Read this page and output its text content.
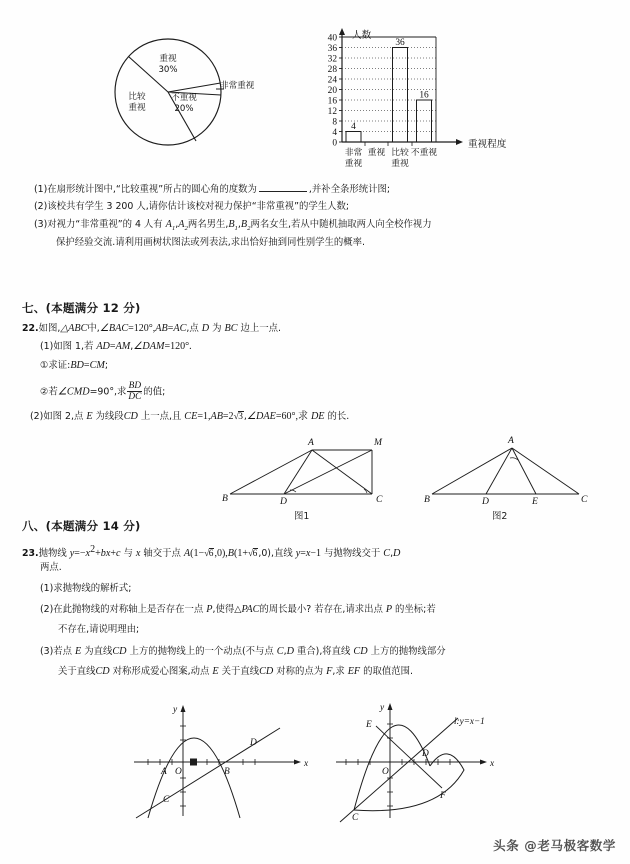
重视
30%
非常重视
不重视
20%
比较
重视
0
4
8
12
16
20
24
28
32
36
40
4
36
16
人数
重视程度
非常
重视
重视 比较
重视
不重视
(1)在扇形统计图中,“比较重视”所占的圆心角的度数为	,并补全条形统计图;
(2)该校共有学生 3 200 人,请你估计该校对视力保护“非常重视”的学生人数;
(3)对视力“非常重视”的 4 人有 $A_1,A_2$两名男生$,B_1,B_2$两名女生,若从中随机抽取两人向全校作视力
保护经验交流.请利用画树状图法或列表法,求出恰好抽到同性别学生的概率.
七、(本题满分 12 分)
22.如图,△ABC中,∠BAC=120°,AB=AC,点 D 为 BC 边上一点.
(1)如图 1,若 AD=AM,∠DAM=120°.
①求证:BD=CM;
②若∠CMD=90°,求 $\frac{BD}{DC}$ 的值;
(2)如图 2,点 E 为线段CD 上一点,且 CE=1,AB=2√3,∠DAE=60°,求 DE 的长.
A	M
B	D	C
图1
A
B	D	E	C
图2
八、(本题满分 14 分)
23.抛物线 $y=-x^2+bx+c$ 与 x 轴交于点 A(1−√6,0),B(1+√6,0),直线 y=x−1 与抛物线交于 C,D
两点.
(1)求抛物线的解析式;
(2)在此抛物线的对称轴上是否存在一点 P,使得△PAC的周长最小? 若存在,请求出点 P 的坐标;若
不存在,请说明理由;
(3)若点 E 为直线CD 上方的抛物线上的一个动点(不与点 C,D 重合),将直线 CD 上方的抛物线部分
关于直线CD 对称形成爱心图案,动点 E 关于直线CD 对称的点为 F,求 EF 的取值范围.
A O	B
C
D
x
y
E
D
O
C
F
x
y
l:y=x−1
头条 @老马极客数学
